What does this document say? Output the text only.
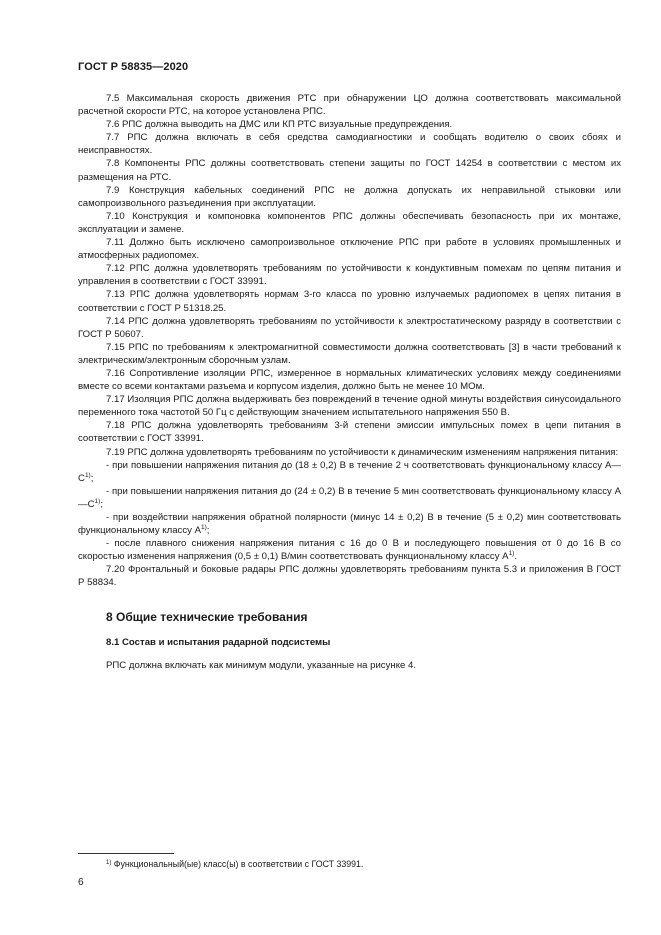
ГОСТ Р 58835—2020

7.5 Максимальная скорость движения РТС при обнаружении ЦО должна соответствовать максимальной расчетной скорости РТС, на которое установлена РПС.

7.6 РПС должна выводить на ДМС или КП РТС визуальные предупреждения.

7.7 РПС должна включать в себя средства самодиагностики и сообщать водителю о своих сбоях и неисправностях.

7.8 Компоненты РПС должны соответствовать степени защиты по ГОСТ 14254 в соответствии с местом их размещения на РТС.

7.9 Конструкция кабельных соединений РПС не должна допускать их неправильной стыковки или самопроизвольного разъединения при эксплуатации.

7.10 Конструкция и компоновка компонентов РПС должны обеспечивать безопасность при их монтаже, эксплуатации и замене.

7.11 Должно быть исключено самопроизвольное отключение РПС при работе в условиях промышленных и атмосферных радиопомех.

7.12 РПС должна удовлетворять требованиям по устойчивости к кондуктивным помехам по цепям питания и управления в соответствии с ГОСТ 33991.

7.13 РПС должна удовлетворять нормам 3-го класса по уровню излучаемых радиопомех в цепях питания в соответствии с ГОСТ Р 51318.25.

7.14 РПС должна удовлетворять требованиям по устойчивости к электростатическому разряду в соответствии с ГОСТ Р 50607.

7.15 РПС по требованиям к электромагнитной совместимости должна соответствовать [3] в части требований к электрическим/электронным сборочным узлам.

7.16 Сопротивление изоляции РПС, измеренное в нормальных климатических условиях между соединениями вместе со всеми контактами разъема и корпусом изделия, должно быть не менее 10 МОм.

7.17 Изоляция РПС должна выдерживать без повреждений в течение одной минуты воздействия синусоидального переменного тока частотой 50 Гц с действующим значением испытательного напряжения 550 В.

7.18 РПС должна удовлетворять требованиям 3-й степени эмиссии импульсных помех в цепи питания в соответствии с ГОСТ 33991.

7.19 РПС должна удовлетворять требованиям по устойчивости к динамическим изменениям напряжения питания:

- при повышении напряжения питания до (18 ± 0,2) В в течение 2 ч соответствовать функциональному классу $А—С^{1)}$;

- при повышении напряжения питания до (24 ± 0,2) В в течение 5 мин соответствовать функциональному классу $А—С^{1)}$;

- при воздействии напряжения обратной полярности (минус 14 ± 0,2) В в течение (5 ± 0,2) мин соответствовать функциональному классу $А^{1)}$;

- после плавного снижения напряжения питания с 16 до 0 В и последующего повышения от 0 до 16 В со скоростью изменения напряжения (0,5 ± 0,1) В/мин соответствовать функциональному классу $А^{1)}$.

7.20 Фронтальный и боковые радары РПС должны удовлетворять требованиям пункта 5.3 и приложения В ГОСТ Р 58834.

8 Общие технические требования
8.1 Состав и испытания радарной подсистемы

РПС должна включать как минимум модули, указанные на рисунке 4.

$^{1)}$ Функциональный(ые) класс(ы) в соответствии с ГОСТ 33991.
6
